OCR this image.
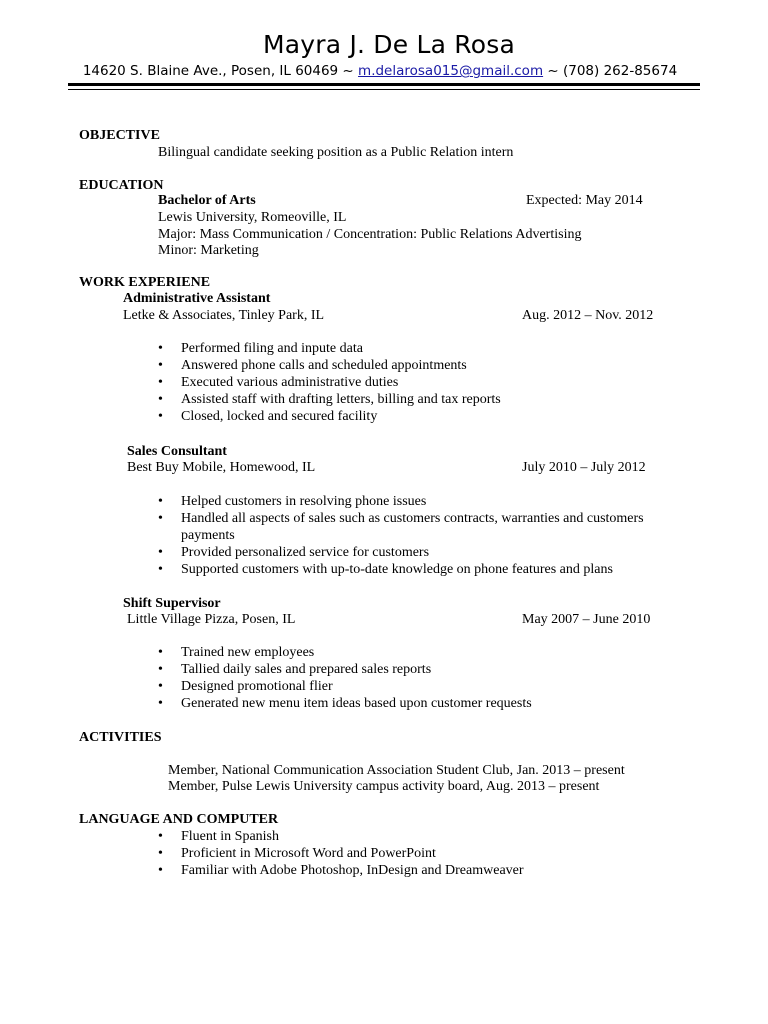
Mayra J. De La Rosa
14620 S. Blaine Ave., Posen, IL 60469 ~ m.delarosa015@gmail.com ~ (708) 262-85674
OBJECTIVE
Bilingual candidate seeking position as a Public Relation intern
EDUCATION
Bachelor of Arts	Expected: May 2014
Lewis University, Romeoville, IL
Major: Mass Communication / Concentration: Public Relations Advertising
Minor: Marketing
WORK EXPERIENE
Administrative Assistant
Letke & Associates, Tinley Park, IL	Aug. 2012 – Nov. 2012
• Performed filing and inpute data
• Answered phone calls and scheduled appointments
• Executed various administrative duties
• Assisted staff with drafting letters, billing and tax reports
• Closed, locked and secured facility
Sales Consultant
Best Buy Mobile, Homewood, IL	July 2010 – July 2012
• Helped customers in resolving phone issues
• Handled all aspects of sales such as customers contracts, warranties and customers
payments
• Provided personalized service for customers
• Supported customers with up-to-date knowledge on phone features and plans
Shift Supervisor
Little Village Pizza, Posen, IL	May 2007 – June 2010
• Trained new employees
• Tallied daily sales and prepared sales reports
• Designed promotional flier
• Generated new menu item ideas based upon customer requests
ACTIVITIES
Member, National Communication Association Student Club, Jan. 2013 – present
Member, Pulse Lewis University campus activity board, Aug. 2013 – present
LANGUAGE AND COMPUTER
• Fluent in Spanish
• Proficient in Microsoft Word and PowerPoint
• Familiar with Adobe Photoshop, InDesign and Dreamweaver
